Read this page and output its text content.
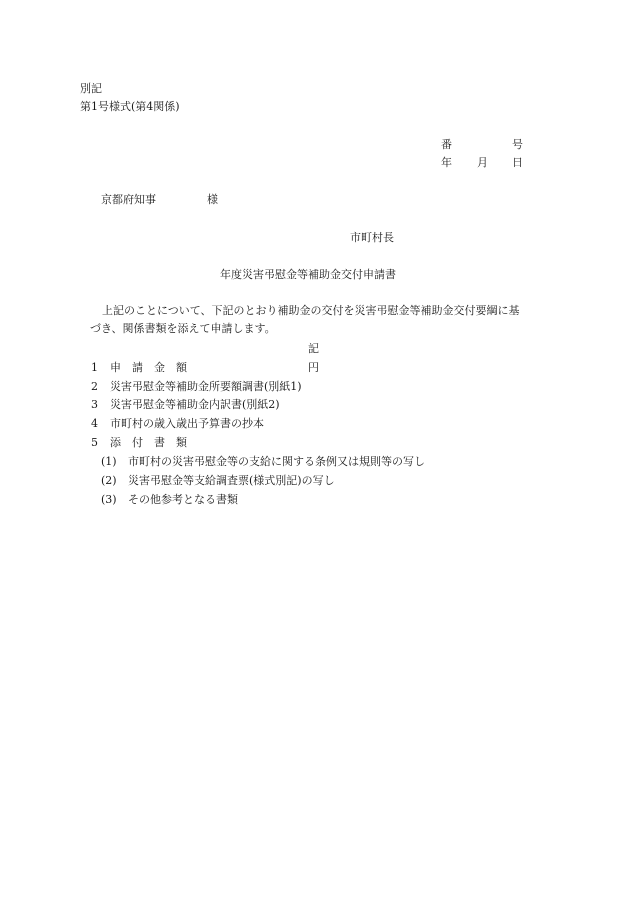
別記
第1号様式(第4関係)
番	号
年 月 日
京都府知事	様
市町村長
年度災害弔慰金等補助金交付申請書
上記のことについて、下記のとおり補助金の交付を災害弔慰金等補助金交付要綱に基
づき、関係書類を添えて申請します。
記
1 申　請　金　額	円
2 災害弔慰金等補助金所要額調書(別紙1)
3 災害弔慰金等補助金内訳書(別紙2)
4 市町村の歳入歳出予算書の抄本
5 添　付　書　類
(1) 市町村の災害弔慰金等の支給に関する条例又は規則等の写し
(2) 災害弔慰金等支給調査票(様式別記)の写し
(3) その他参考となる書類
